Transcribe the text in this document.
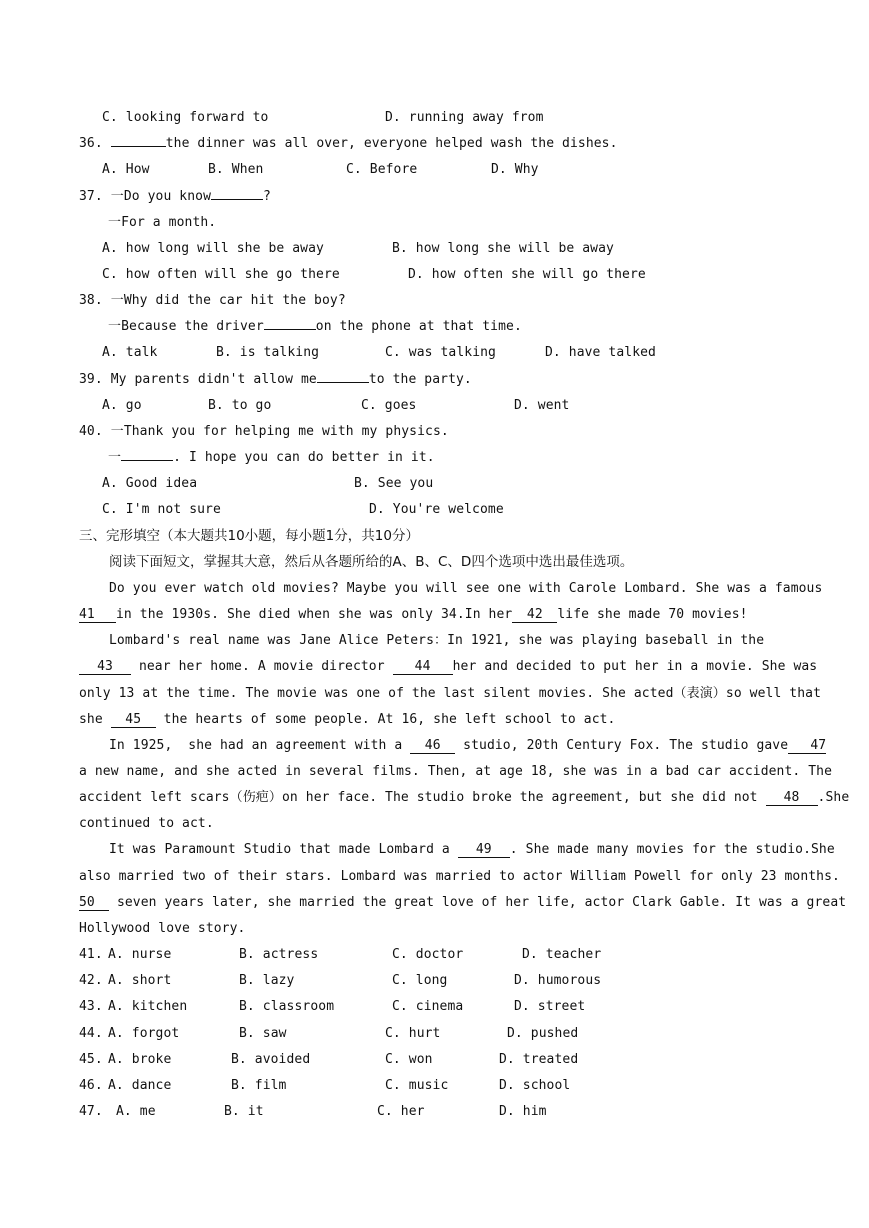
C. looking forward to	D. running away from
36.	the dinner was all over, everyone helped wash the dishes.
A. How	B. When	C. Before	D. Why
37. 一Do you know	?
一For a month.
A. how long will she be away	B. how long she will be away
C. how often will she go there	D. how often she will go there
38. 一Why did the car hit the boy?
一Because the driver	on the phone at that time.
A. talk	B. is talking	C. was talking	D. have talked
39. My parents didn't allow me	to the party.
A. go	B. to go	C. goes	D. went
40. 一Thank you for helping me with my physics.
一	. I hope you can do better in it.
A. Good idea	B. See you
C. I'm not sure	D. You're welcome
三、完形填空（本大题共10小题，每小题1分，共10分）
阅读下面短文，掌握其大意，然后从各题所给的A、B、C、D四个选项中选出最佳选项。
Do you ever watch old movies? Maybe you will see one with Carole Lombard. She was a famous
41 in the 1930s. She died when she was only 34.In her 42 life she made 70 movies!
Lombard's real name was Jane Alice Peters：In 1921, she was playing baseball in the
43 near her home. A movie director 44 her and decided to put her in a movie. She was
only 13 at the time. The movie was one of the last silent movies. She acted（表演）so well that
she 45 the hearts of some people. At 16, she left school to act.
In 1925,  she had an agreement with a 46 studio, 20th Century Fox. The studio gave 47
a new name, and she acted in several films. Then, at age 18, she was in a bad car accident. The
accident left scars（伤疤）on her face. The studio broke the agreement, but she did not 48 .She
continued to act.
It was Paramount Studio that made Lombard a 49 . She made many movies for the studio.She
also married two of their stars. Lombard was married to actor William Powell for only 23 months.
50 seven years later, she married the great love of her life, actor Clark Gable. It was a great
Hollywood love story.
41. A. nurse	B. actress	C. doctor	D. teacher
42. A. short	B. lazy	C. long	D. humorous
43. A. kitchen	B. classroom	C. cinema	D. street
44. A. forgot	B. saw	C. hurt	D. pushed
45. A. broke	B. avoided	C. won	D. treated
46. A. dance	B. film	C. music	D. school
47. A. me	B. it	C. her	D. him
